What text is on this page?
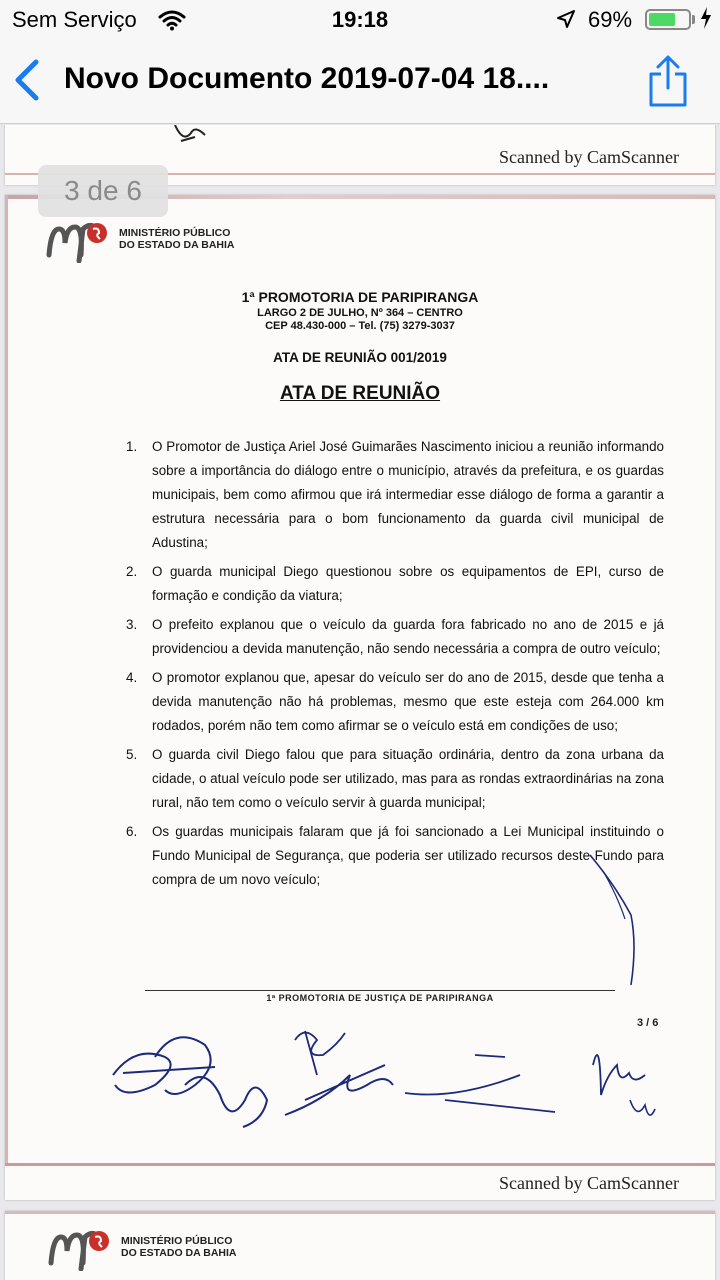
Sem Serviço	19:18	69%
Novo Documento 2019-07-04 18....
Scanned by CamScanner
MINISTÉRIO PÚBLICO
DO ESTADO DA BAHIA
1ª PROMOTORIA DE PARIPIRANGA
LARGO 2 DE JULHO, Nº 364 – CENTRO
CEP 48.430-000 – Tel. (75) 3279-3037
ATA DE REUNIÃO 001/2019
ATA DE REUNIÃO
1. O Promotor de Justiça Ariel José Guimarães Nascimento iniciou a reunião informando sobre a importância do diálogo entre o município, através da prefeitura, e os guardas municipais, bem como afirmou que irá intermediar esse diálogo de forma a garantir a estrutura necessária para o bom funcionamento da guarda civil municipal de Adustina;
2. O guarda municipal Diego questionou sobre os equipamentos de EPI, curso de formação e condição da viatura;
3. O prefeito explanou que o veículo da guarda fora fabricado no ano de 2015 e já providenciou a devida manutenção, não sendo necessária a compra de outro veículo;
4. O promotor explanou que, apesar do veículo ser do ano de 2015, desde que tenha a devida manutenção não há problemas, mesmo que este esteja com 264.000 km rodados, porém não tem como afirmar se o veículo está em condições de uso;
5. O guarda civil Diego falou que para situação ordinária, dentro da zona urbana da cidade, o atual veículo pode ser utilizado, mas para as rondas extraordinárias na zona rural, não tem como o veículo servir à guarda municipal;
6. Os guardas municipais falaram que já foi sancionado a Lei Municipal instituindo o Fundo Municipal de Segurança, que poderia ser utilizado recursos deste Fundo para compra de um novo veículo;
1ª PROMOTORIA DE JUSTIÇA DE PARIPIRANGA
3 / 6
Scanned by CamScanner
MINISTÉRIO PÚBLICO
DO ESTADO DA BAHIA
3 de 6
